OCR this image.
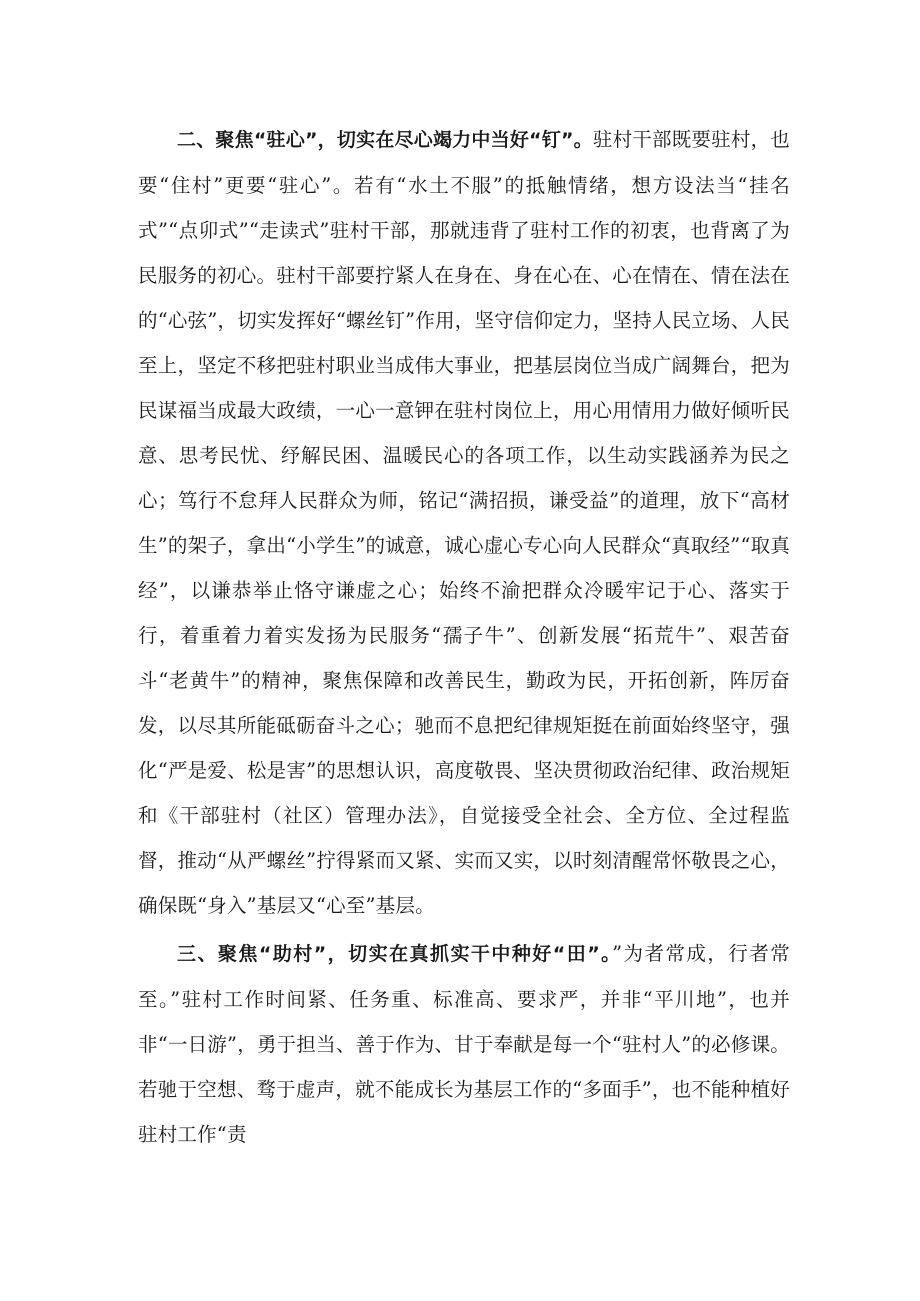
二、聚焦“驻心”，切实在尽心竭力中当好“钉”。驻村干部既要驻村，也要“住村”更要“驻心”。若有“水土不服”的抵触情绪，想方设法当“挂名式”“点卯式”“走读式”驻村干部，那就违背了驻村工作的初衷，也背离了为民服务的初心。驻村干部要拧紧人在身在、身在心在、心在情在、情在法在的“心弦”，切实发挥好“螺丝钉”作用，坚守信仰定力，坚持人民立场、人民至上，坚定不移把驻村职业当成伟大事业，把基层岗位当成广阔舞台，把为民谋福当成最大政绩，一心一意钾在驻村岗位上，用心用情用力做好倾听民意、思考民忧、纾解民困、温暖民心的各项工作，以生动实践涵养为民之心；笃行不怠拜人民群众为师，铭记“满招损，谦受益”的道理，放下“高材生”的架子，拿出“小学生”的诚意，诚心虚心专心向人民群众“真取经”“取真经”，以谦恭举止恪守谦虚之心；始终不渝把群众冷暖牢记于心、落实于行，着重着力着实发扬为民服务“孺子牛”、创新发展“拓荒牛”、艰苦奋斗“老黄牛”的精神，聚焦保障和改善民生，勤政为民，开拓创新，阵厉奋发，以尽其所能砥砺奋斗之心；驰而不息把纪律规矩挺在前面始终坚守，强化“严是爱、松是害”的思想认识，高度敬畏、坚决贯彻政治纪律、政治规矩和《干部驻村（社区）管理办法》，自觉接受全社会、全方位、全过程监督，推动“从严螺丝”拧得紧而又紧、实而又实，以时刻清醒常怀敬畏之心，确保既“身入”基层又“心至”基层。

三、聚焦“助村”，切实在真抓实干中种好“田”。”为者常成，行者常至。”驻村工作时间紧、任务重、标准高、要求严，并非“平川地”，也并非“一日游”，勇于担当、善于作为、甘于奉献是每一个“驻村人”的必修课。若驰于空想、骛于虚声，就不能成长为基层工作的“多面手”，也不能种植好驻村工作“责
